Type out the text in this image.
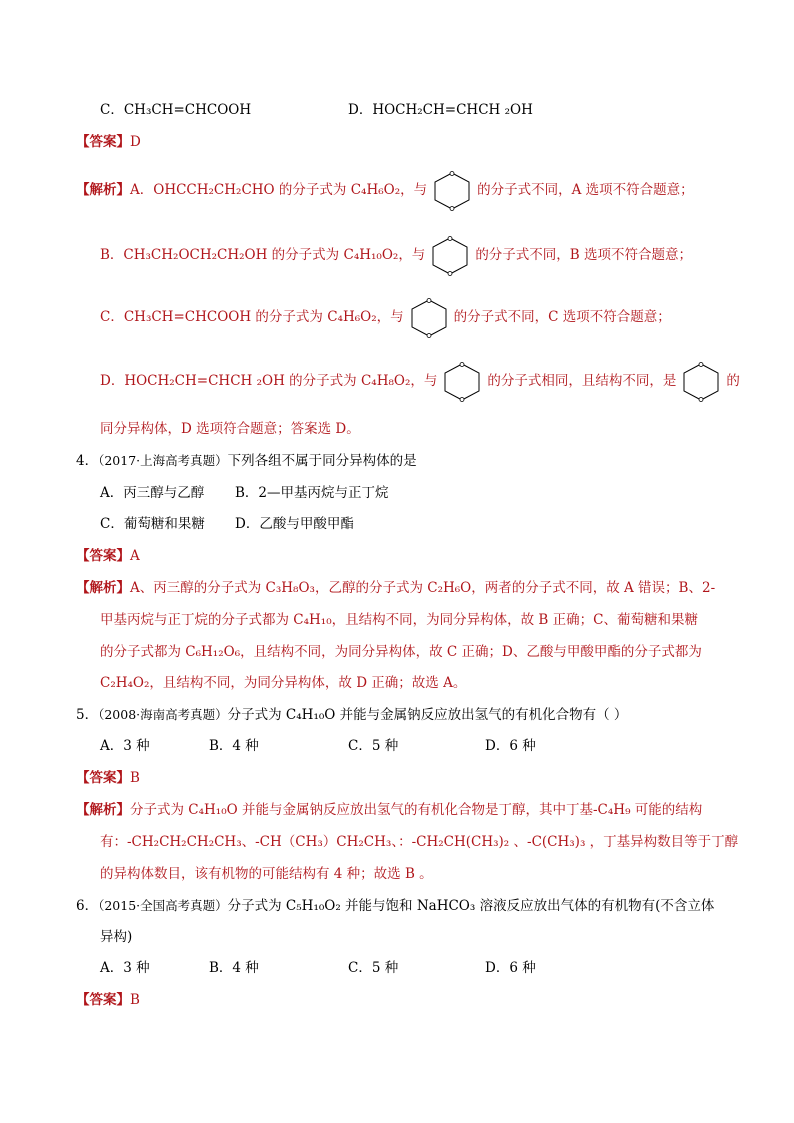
C．CH₃CH=CHCOOH	D．HOCH₂CH=CHCH ₂OH
【答案】D
【解析】A．OHCCH₂CH₂CHO 的分子式为 C₄H₆O₂，与	的分子式不同，A 选项不符合题意；
B．CH₃CH₂OCH₂CH₂OH 的分子式为 C₄H₁₀O₂，与	的分子式不同，B 选项不符合题意；
C．CH₃CH=CHCOOH 的分子式为 C₄H₆O₂，与	的分子式不同，C 选项不符合题意；
D．HOCH₂CH=CHCH ₂OH 的分子式为 C₄H₈O₂，与	的分子式相同，且结构不同，是	的
同分异构体，D 选项符合题意；答案选 D。
4．（2017·上海高考真题）下列各组不属于同分异构体的是
A．丙三醇与乙醇 B．2—甲基丙烷与正丁烷
C．葡萄糖和果糖 D．乙酸与甲酸甲酯
【答案】A
【解析】A、丙三醇的分子式为 C₃H₈O₃，乙醇的分子式为 C₂H₆O，两者的分子式不同，故 A 错误；B、2-
甲基丙烷与正丁烷的分子式都为 C₄H₁₀，且结构不同，为同分异构体，故 B 正确；C、葡萄糖和果糖
的分子式都为 C₆H₁₂O₆，且结构不同，为同分异构体，故 C 正确；D、乙酸与甲酸甲酯的分子式都为
C₂H₄O₂，且结构不同，为同分异构体，故 D 正确；故选 A。
5．（2008·海南高考真题）分子式为 C₄H₁₀O 并能与金属钠反应放出氢气的有机化合物有（ ）
A．3 种	B．4 种	C．5 种	D．6 种
【答案】B
【解析】分子式为 C₄H₁₀O 并能与金属钠反应放出氢气的有机化合物是丁醇，其中丁基-C₄H₉ 可能的结构
有：-CH₂CH₂CH₂CH₃、-CH（CH₃）CH₂CH₃、：-CH₂CH(CH₃)₂ 、-C(CH₃)₃ ，丁基异构数目等于丁醇
的异构体数目，该有机物的可能结构有 4 种；故选 B 。
6．（2015·全国高考真题）分子式为 C₅H₁₀O₂ 并能与饱和 NaHCO₃ 溶液反应放出气体的有机物有(不含立体
异构)
A．3 种	B．4 种	C．5 种	D．6 种
【答案】B
